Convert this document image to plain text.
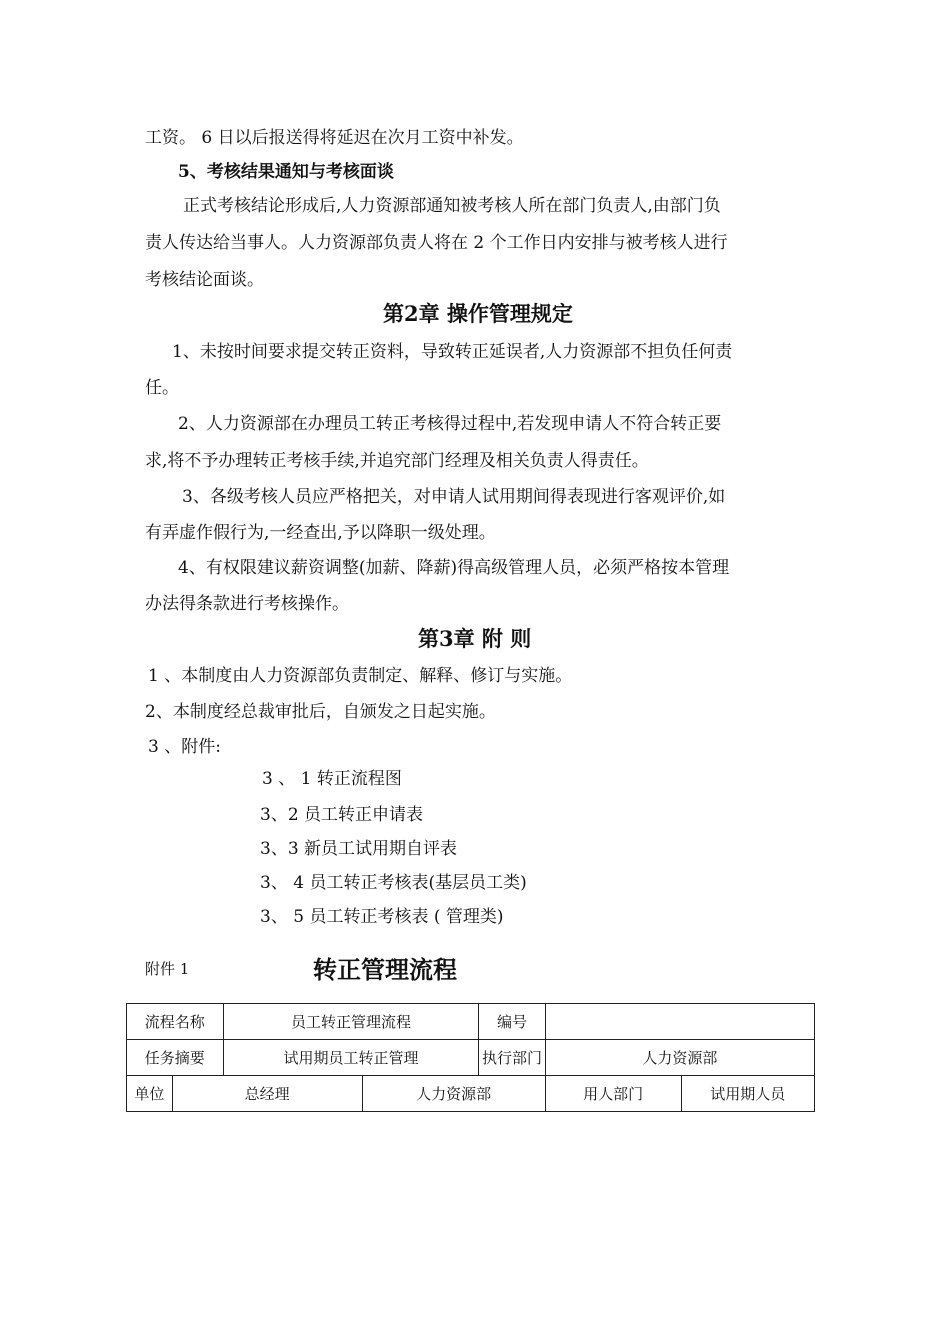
工资。 6 日以后报送得将延迟在次月工资中补发。
5、考核结果通知与考核面谈
正式考核结论形成后,人力资源部通知被考核人所在部门负责人,由部门负
责人传达给当事人。人力资源部负责人将在 2 个工作日内安排与被考核人进行
考核结论面谈。
第2章 操作管理规定
1、未按时间要求提交转正资料，导致转正延误者,人力资源部不担负任何责
任。
2、人力资源部在办理员工转正考核得过程中,若发现申请人不符合转正要
求,将不予办理转正考核手续,并追究部门经理及相关负责人得责任。
3、各级考核人员应严格把关，对申请人试用期间得表现进行客观评价,如
有弄虚作假行为,一经查出,予以降职一级处理。
4、有权限建议薪资调整(加薪、降薪)得高级管理人员，必须严格按本管理
办法得条款进行考核操作。
第3章 附 则
1 、本制度由人力资源部负责制定、解释、修订与实施。
2、本制度经总裁审批后，自颁发之日起实施。
3 、附件:
3 、 1 转正流程图
3、2 员工转正申请表
3、3 新员工试用期自评表
3、 4 员工转正考核表(基层员工类)
3、 5 员工转正考核表 ( 管理类)
附件 1	转正管理流程
流程名称		员工转正管理流程		编号		
任务摘要		试用期员工转正管理		执行部门	人力资源部	
单位	总经理		人力资源部		用人部门	试用期人员
